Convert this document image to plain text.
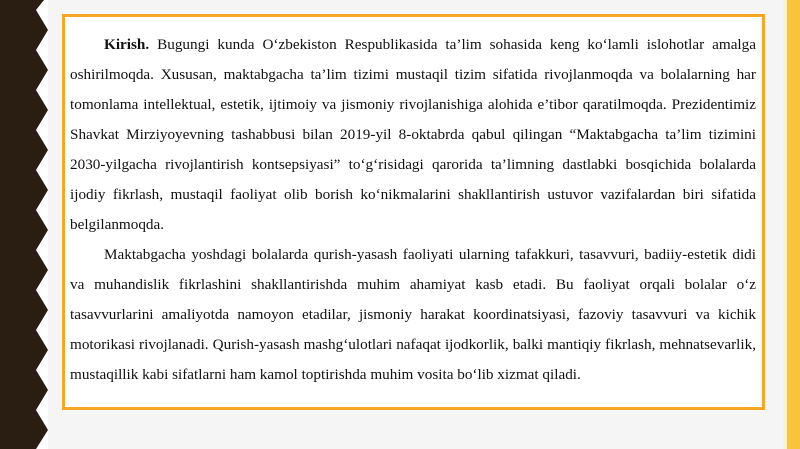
Kirish. Bugungi kunda O‘zbekiston Respublikasida ta’lim sohasida keng ko‘lamli islohotlar amalga oshirilmoqda. Xususan, maktabgacha ta’lim tizimi mustaqil tizim sifatida rivojlanmoqda va bolalarning har tomonlama intellektual, estetik, ijtimoiy va jismoniy rivojlanishiga alohida e’tibor qaratilmoqda. Prezidentimiz Shavkat Mirziyoyevning tashabbusi bilan 2019-yil 8-oktabrda qabul qilingan “Maktabgacha ta’lim tizimini 2030-yilgacha rivojlantirish kontsepsiyasi” to‘g‘risidagi qarorida ta’limning dastlabki bosqichida bolalarda ijodiy fikrlash, mustaqil faoliyat olib borish ko‘nikmalarini shakllantirish ustuvor vazifalardan biri sifatida belgilanmoqda.

Maktabgacha yoshdagi bolalarda qurish-yasash faoliyati ularning tafakkuri, tasavvuri, badiiy-estetik didi va muhandislik fikrlashini shakllantirishda muhim ahamiyat kasb etadi. Bu faoliyat orqali bolalar o‘z tasavvurlarini amaliyotda namoyon etadilar, jismoniy harakat koordinatsiyasi, fazoviy tasavvuri va kichik motorikasi rivojlanadi. Qurish-yasash mashg‘ulotlari nafaqat ijodkorlik, balki mantiqiy fikrlash, mehnatsevarlik, mustaqillik kabi sifatlarni ham kamol toptirishda muhim vosita bo‘lib xizmat qiladi.
